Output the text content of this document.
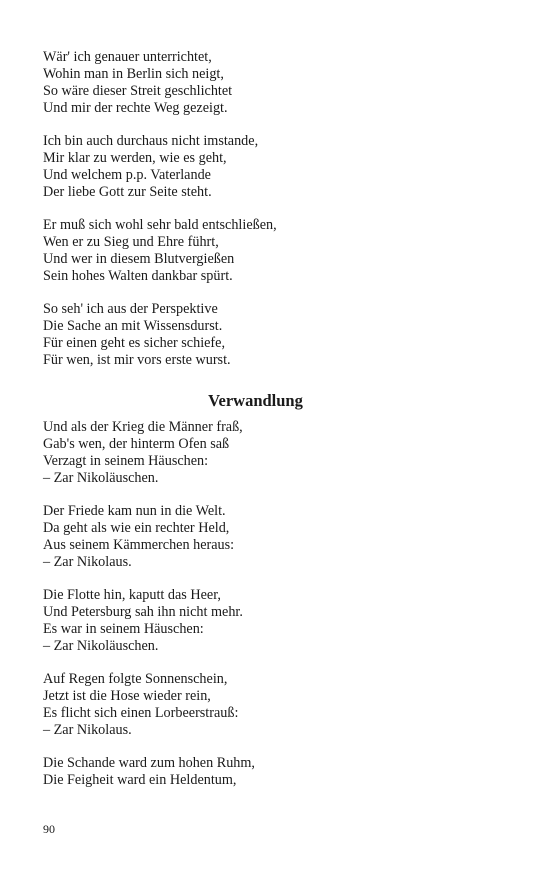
Wär' ich genauer unterrichtet,
Wohin man in Berlin sich neigt,
So wäre dieser Streit geschlichtet
Und mir der rechte Weg gezeigt.
Ich bin auch durchaus nicht imstande,
Mir klar zu werden, wie es geht,
Und welchem p.p. Vaterlande
Der liebe Gott zur Seite steht.
Er muß sich wohl sehr bald entschließen,
Wen er zu Sieg und Ehre führt,
Und wer in diesem Blutvergießen
Sein hohes Walten dankbar spürt.
So seh' ich aus der Perspektive
Die Sache an mit Wissensdurst.
Für einen geht es sicher schiefe,
Für wen, ist mir vors erste wurst.
Verwandlung
Und als der Krieg die Männer fraß,
Gab's wen, der hinterm Ofen saß
Verzagt in seinem Häuschen:
– Zar Nikoläuschen.
Der Friede kam nun in die Welt.
Da geht als wie ein rechter Held,
Aus seinem Kämmerchen heraus:
– Zar Nikolaus.
Die Flotte hin, kaputt das Heer,
Und Petersburg sah ihn nicht mehr.
Es war in seinem Häuschen:
– Zar Nikoläuschen.
Auf Regen folgte Sonnenschein,
Jetzt ist die Hose wieder rein,
Es flicht sich einen Lorbeerstrauß:
– Zar Nikolaus.
Die Schande ward zum hohen Ruhm,
Die Feigheit ward ein Heldentum,
90
